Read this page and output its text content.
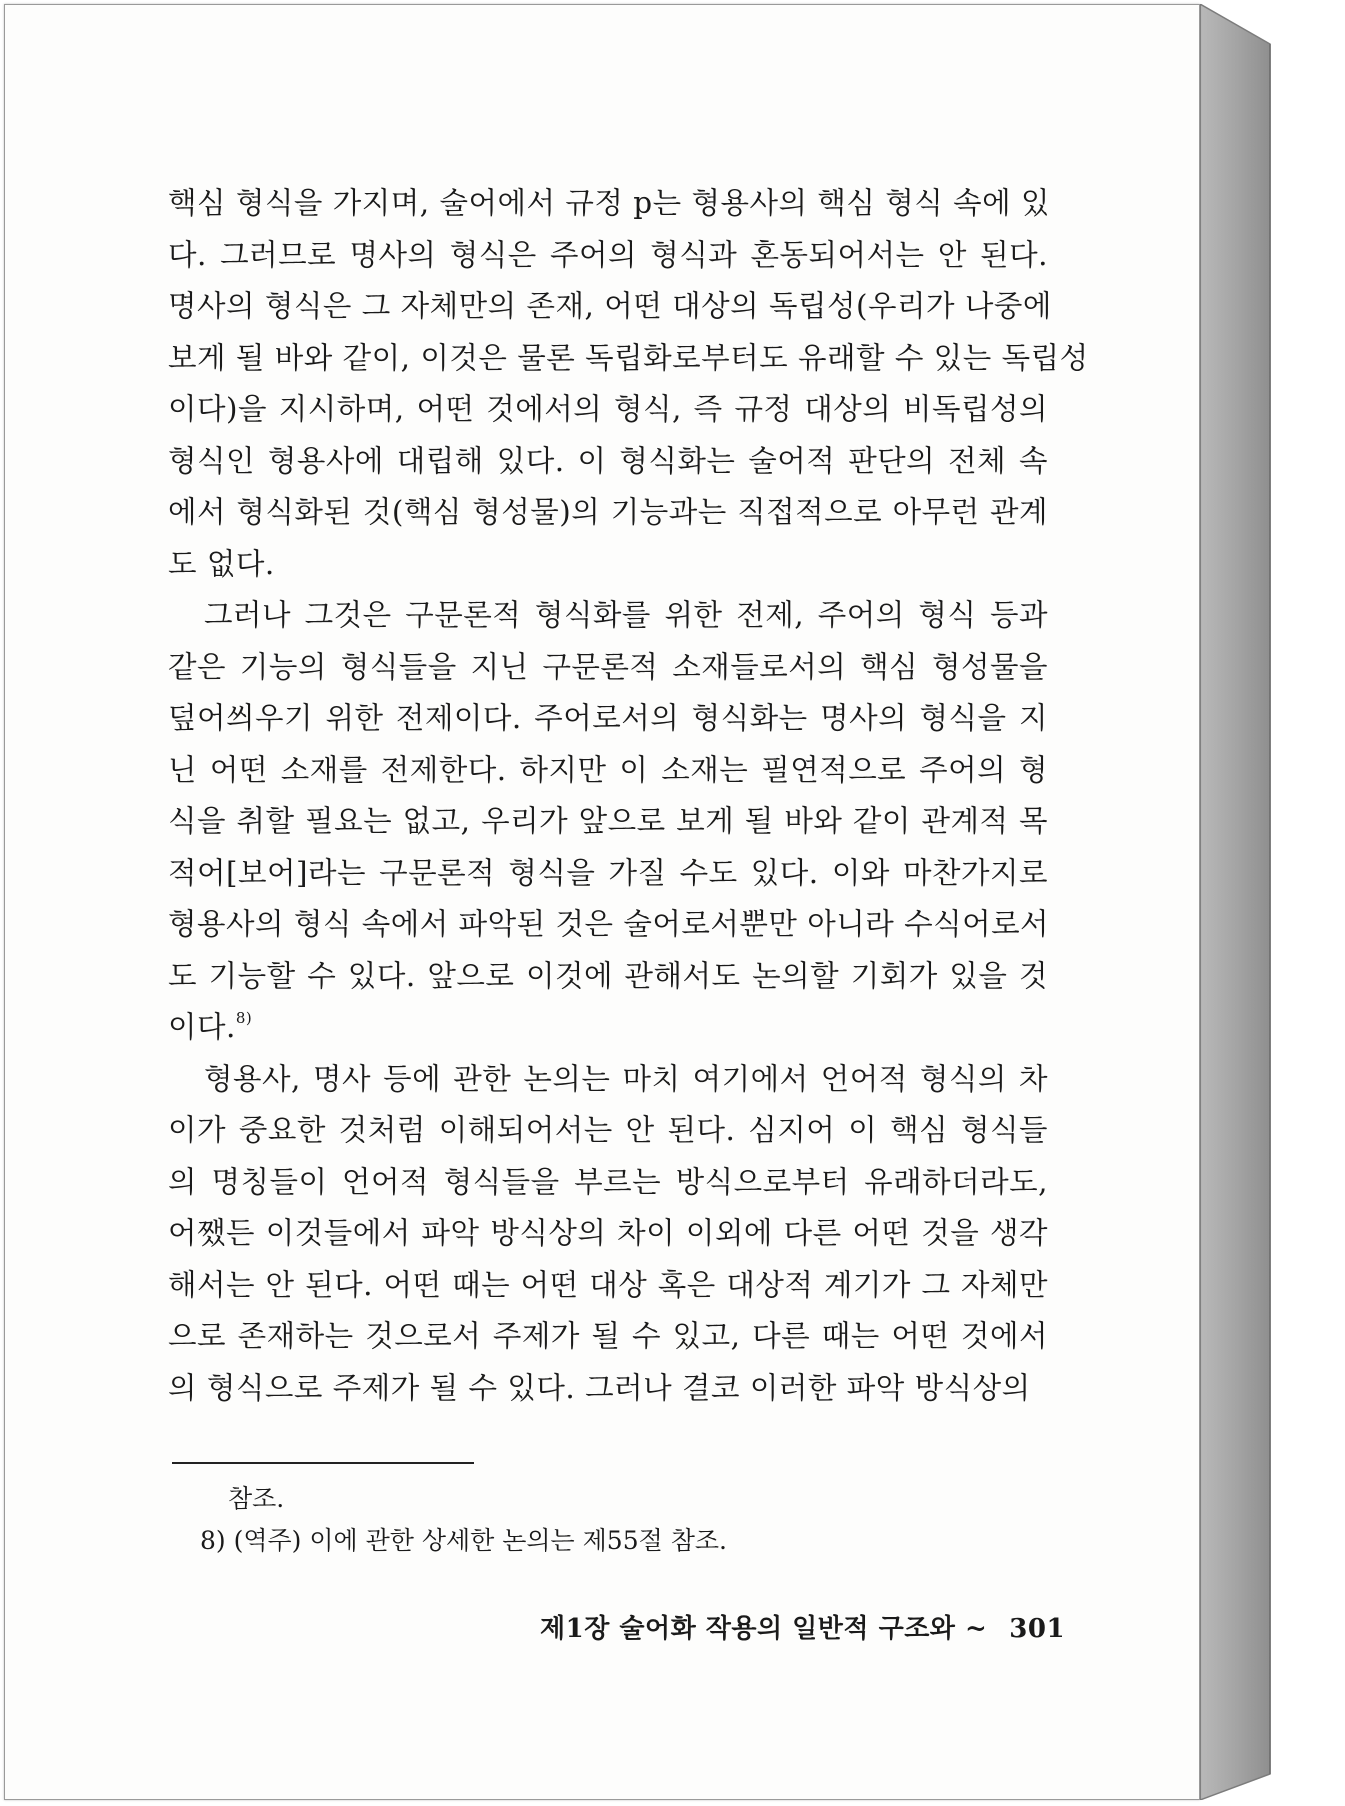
핵심 형식을 가지며, 술어에서 규정 p는 형용사의 핵심 형식 속에 있
다. 그러므로 명사의 형식은 주어의 형식과 혼동되어서는 안 된다.
명사의 형식은 그 자체만의 존재, 어떤 대상의 독립성(우리가 나중에
보게 될 바와 같이, 이것은 물론 독립화로부터도 유래할 수 있는 독립성
이다)을 지시하며, 어떤 것에서의 형식, 즉 규정 대상의 비독립성의
형식인 형용사에 대립해 있다. 이 형식화는 술어적 판단의 전체 속
에서 형식화된 것(핵심 형성물)의 기능과는 직접적으로 아무런 관계
도 없다.
그러나 그것은 구문론적 형식화를 위한 전제, 주어의 형식 등과
같은 기능의 형식들을 지닌 구문론적 소재들로서의 핵심 형성물을
덮어씌우기 위한 전제이다. 주어로서의 형식화는 명사의 형식을 지
닌 어떤 소재를 전제한다. 하지만 이 소재는 필연적으로 주어의 형
식을 취할 필요는 없고, 우리가 앞으로 보게 될 바와 같이 관계적 목
적어[보어]라는 구문론적 형식을 가질 수도 있다. 이와 마찬가지로
형용사의 형식 속에서 파악된 것은 술어로서뿐만 아니라 수식어로서
도 기능할 수 있다. 앞으로 이것에 관해서도 논의할 기회가 있을 것
이다.$^{8)}$
형용사, 명사 등에 관한 논의는 마치 여기에서 언어적 형식의 차
이가 중요한 것처럼 이해되어서는 안 된다. 심지어 이 핵심 형식들
의 명칭들이 언어적 형식들을 부르는 방식으로부터 유래하더라도,
어쨌든 이것들에서 파악 방식상의 차이 이외에 다른 어떤 것을 생각
해서는 안 된다. 어떤 때는 어떤 대상 혹은 대상적 계기가 그 자체만
으로 존재하는 것으로서 주제가 될 수 있고, 다른 때는 어떤 것에서
의 형식으로 주제가 될 수 있다. 그러나 결코 이러한 파악 방식상의
참조.
8) (역주) 이에 관한 상세한 논의는 제55절 참조.
제1장 술어화 작용의 일반적 구조와 ~ 301
